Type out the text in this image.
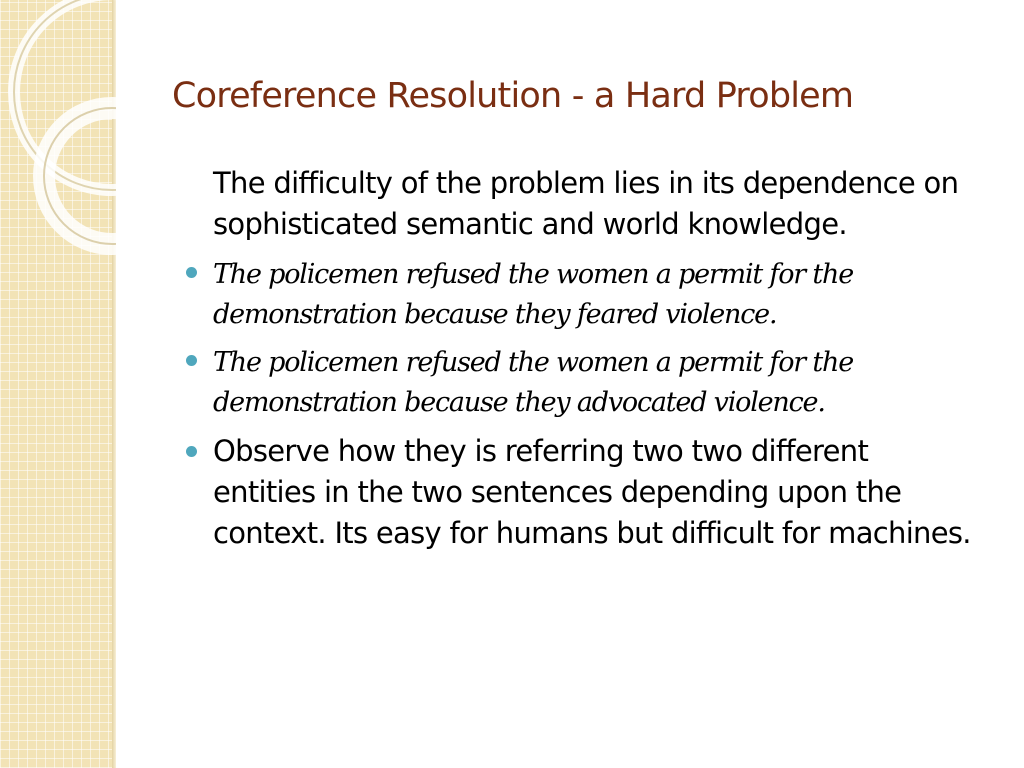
Coreference Resolution - a Hard Problem
The difficulty of the problem lies in its dependence on sophisticated semantic and world knowledge.
The policemen refused the women a permit for the demonstration because they feared violence.
The policemen refused the women a permit for the demonstration because they advocated violence.
Observe how they is referring two two different entities in the two sentences depending upon the context. Its easy for humans but difficult for machines.
